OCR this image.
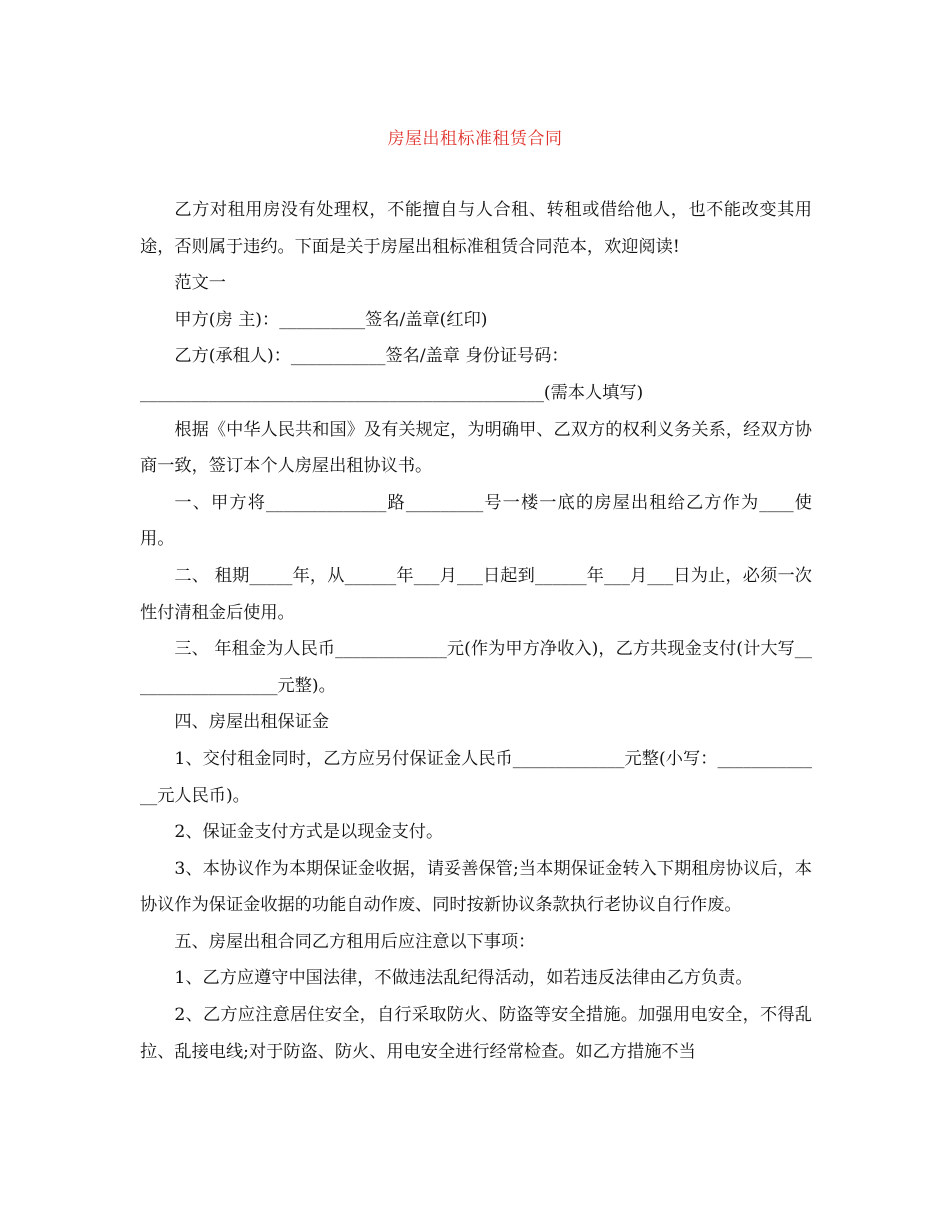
房屋出租标准租赁合同

乙方对租用房没有处理权，不能擅自与人合租、转租或借给他人，也不能改变其用途，否则属于违约。下面是关于房屋出租标准租赁合同范本，欢迎阅读!

范文一

甲方(房 主)：__________签名/盖章(红印)

乙方(承租人)：___________签名/盖章 身份证号码：

_______________________________________________(需本人填写)

根据《中华人民共和国》及有关规定，为明确甲、乙双方的权利义务关系，经双方协商一致，签订本个人房屋出租协议书。

一、甲方将______________路_________号一楼一底的房屋出租给乙方作为____使用。

二、 租期_____年，从______年___月___日起到______年___月___日为止，必须一次性付清租金后使用。

三、 年租金为人民币_____________元(作为甲方净收入)，乙方共现金支付(计大写__________________元整)。

四、房屋出租保证金

1、交付租金同时，乙方应另付保证金人民币_____________元整(小写：_____________元人民币)。

2、保证金支付方式是以现金支付。

3、本协议作为本期保证金收据，请妥善保管;当本期保证金转入下期租房协议后，本协议作为保证金收据的功能自动作废、同时按新协议条款执行老协议自行作废。

五、房屋出租合同乙方租用后应注意以下事项：

1、乙方应遵守中国法律，不做违法乱纪得活动，如若违反法律由乙方负责。

2、乙方应注意居住安全，自行采取防火、防盗等安全措施。加强用电安全，不得乱拉、乱接电线;对于防盗、防火、用电安全进行经常检查。如乙方措施不当
